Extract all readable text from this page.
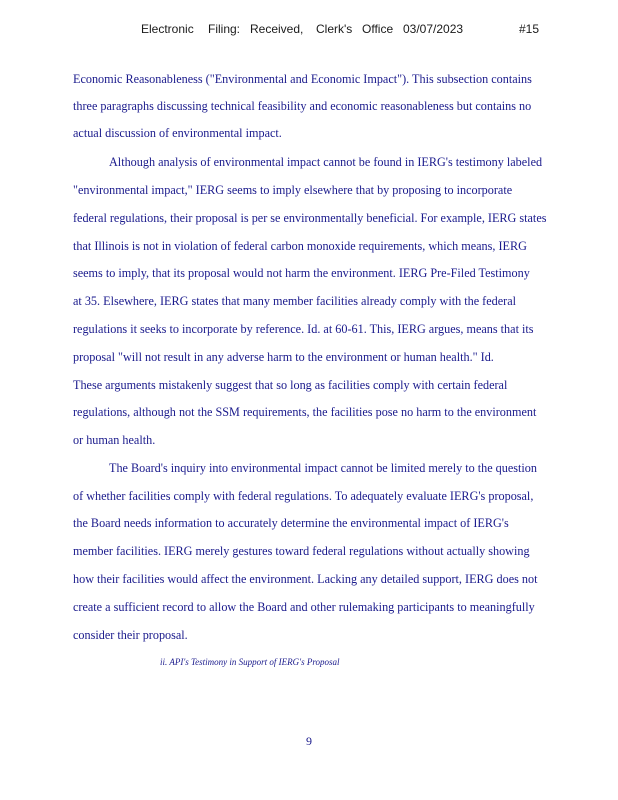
Electronic Filing: Received, Clerk's Office 03/07/2023	#15
Economic Reasonableness ("Environmental and Economic Impact"). This subsection contains
three paragraphs discussing technical feasibility and economic reasonableness but contains no
actual discussion of environmental impact.
Although analysis of environmental impact cannot be found in IERG's testimony labeled
"environmental impact," IERG seems to imply elsewhere that by proposing to incorporate
federal regulations, their proposal is per se environmentally beneficial. For example, IERG states
that Illinois is not in violation of federal carbon monoxide requirements, which means, IERG
seems to imply, that its proposal would not harm the environment. IERG Pre-Filed Testimony
at 35. Elsewhere, IERG states that many member facilities already comply with the federal
regulations it seeks to incorporate by reference. Id. at 60-61. This, IERG argues, means that its
proposal "will not result in any adverse harm to the environment or human health." Id.
These arguments mistakenly suggest that so long as facilities comply with certain federal
regulations, although not the SSM requirements, the facilities pose no harm to the environment
or human health.
The Board's inquiry into environmental impact cannot be limited merely to the question
of whether facilities comply with federal regulations. To adequately evaluate IERG's proposal,
the Board needs information to accurately determine the environmental impact of IERG's
member facilities. IERG merely gestures toward federal regulations without actually showing
how their facilities would affect the environment. Lacking any detailed support, IERG does not
create a sufficient record to allow the Board and other rulemaking participants to meaningfully
consider their proposal.
ii. API's Testimony in Support of IERG's Proposal
9
